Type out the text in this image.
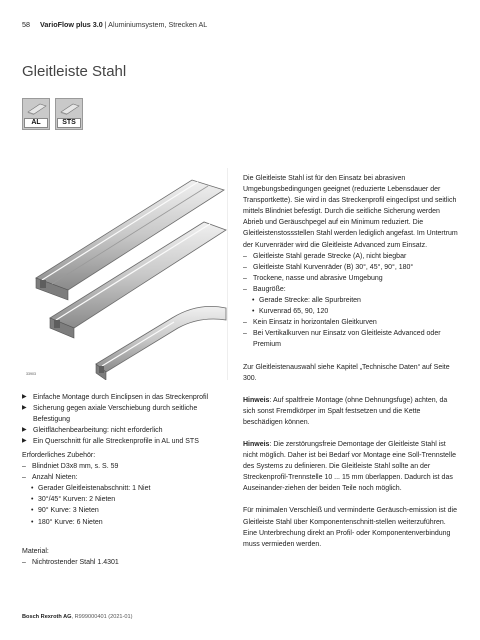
58 VarioFlow plus 3.0 | Aluminiumsystem, Strecken AL
Gleitleiste Stahl
AL	STS
33903
▶ Einfache Montage durch Einclipsen in das Streckenprofil
▶ Sicherung gegen axiale Verschiebung durch seitliche Befestigung
▶ Gleitflächenbearbeitung: nicht erforderlich
▶ Ein Querschnitt für alle Streckenprofile in AL und STS
Erforderliches Zubehör:
– Blindniet D3x8 mm, s. S. 59
– Anzahl Nieten:
• Gerader Gleitleistenabschnitt: 1 Niet
• 30°/45° Kurven: 2 Nieten
• 90° Kurve: 3 Nieten
• 180° Kurve: 6 Nieten
Material:
– Nichtrostender Stahl 1.4301

Die Gleitleiste Stahl ist für den Einsatz bei abrasiven Umgebungsbedingungen geeignet (reduzierte Lebensdauer der Transportkette). Sie wird in das Streckenprofil eingeclipst und seitlich mittels Blindniet befestigt. Durch die seitliche Sicherung werden Abrieb und Geräuschpegel auf ein Minimum reduziert. Die Gleitleistenstossstellen Stahl werden lediglich angefast. Im Untertrum der Kurvenräder wird die Gleitleiste Advanced zum Einsatz.

– Gleitleiste Stahl gerade Strecke (A), nicht biegbar
– Gleitleiste Stahl Kurvenräder (B) 30°, 45°, 90°, 180°
– Trockene, nasse und abrasive Umgebung
– Baugröße:
• Gerade Strecke: alle Spurbreiten
• Kurvenrad 65, 90, 120
– Kein Einsatz in horizontalen Gleitkurven
– Bei Vertikalkurven nur Einsatz von Gleitleiste Advanced oder Premium

Zur Gleitleistenauswahl siehe Kapitel „Technische Daten“ auf Seite 300.

Hinweis: Auf spaltfreie Montage (ohne Dehnungsfuge) achten, da sich sonst Fremdkörper im Spalt festsetzen und die Kette beschädigen können.

Hinweis: Die zerstörungsfreie Demontage der Gleitleiste Stahl ist nicht möglich. Daher ist bei Bedarf vor Montage eine Soll-Trennstelle des Systems zu definieren. Die Gleitleiste Stahl sollte an der Streckenprofil-Trennstelle 10 ... 15 mm überlappen. Dadurch ist das Auseinander-ziehen der beiden Teile noch möglich.

Für minimalen Verschleiß und verminderte Geräusch-emission ist die Gleitleiste Stahl über Komponentenschnitt-stellen weiterzuführen. Eine Unterbrechung direkt an Profil- oder Komponentenverbindung muss vermieden werden.

Bosch Rexroth AG, R999000401 (2021-01)
